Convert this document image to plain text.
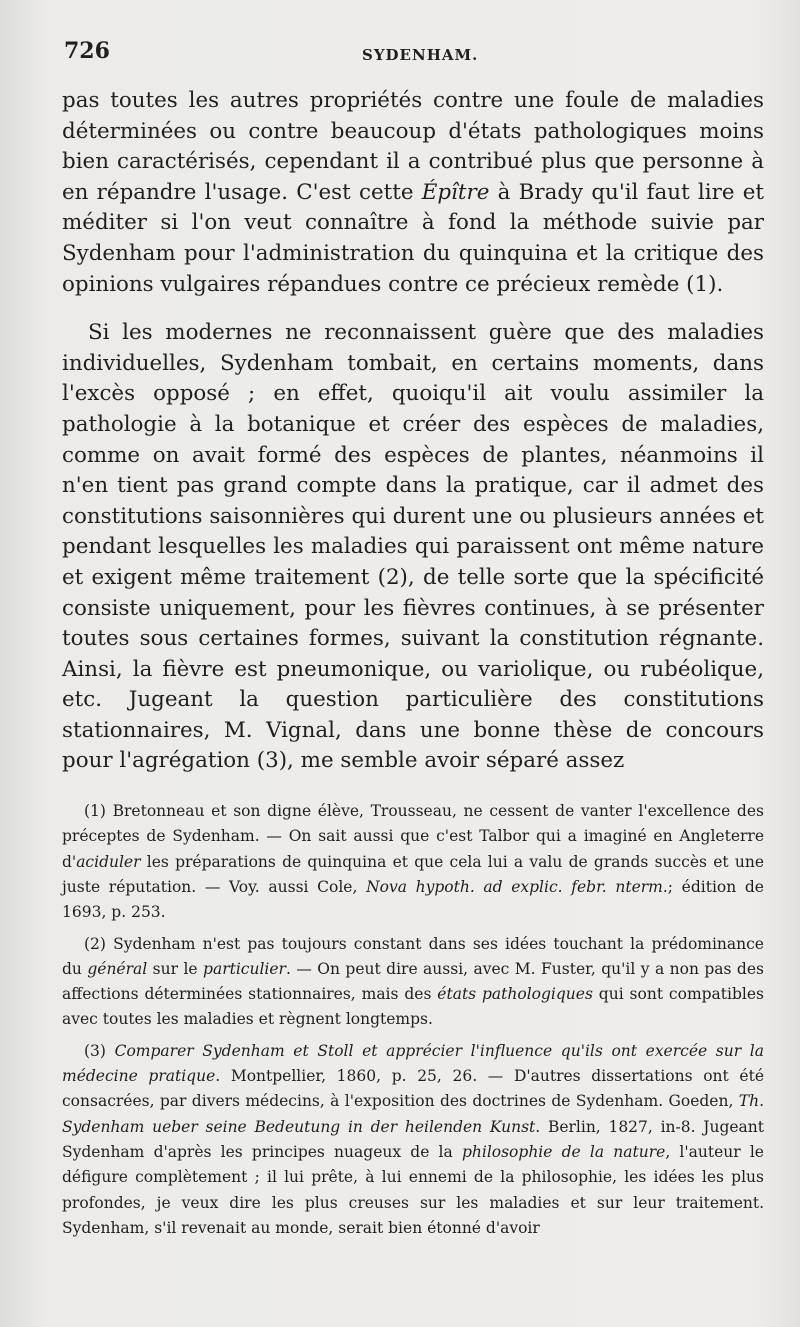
726	SYDENHAM.

pas toutes les autres propriétés contre une foule de maladies déterminées ou contre beaucoup d'états pathologiques moins bien caractérisés, cependant il a contribué plus que personne à en répandre l'usage. C'est cette Épître à Brady qu'il faut lire et méditer si l'on veut connaître à fond la méthode suivie par Sydenham pour l'administration du quinquina et la critique des opinions vulgaires répandues contre ce précieux remède (1).

Si les modernes ne reconnaissent guère que des maladies individuelles, Sydenham tombait, en certains moments, dans l'excès opposé ; en effet, quoiqu'il ait voulu assimiler la pathologie à la botanique et créer des espèces de maladies, comme on avait formé des espèces de plantes, néanmoins il n'en tient pas grand compte dans la pratique, car il admet des constitutions saisonnières qui durent une ou plusieurs années et pendant lesquelles les maladies qui paraissent ont même nature et exigent même traitement (2), de telle sorte que la spécificité consiste uniquement, pour les fièvres continues, à se présenter toutes sous certaines formes, suivant la constitution régnante. Ainsi, la fièvre est pneumonique, ou variolique, ou rubéolique, etc. Jugeant la question particulière des constitutions stationnaires, M. Vignal, dans une bonne thèse de concours pour l'agrégation (3), me semble avoir séparé assez

(1) Bretonneau et son digne élève, Trousseau, ne cessent de vanter l'excellence des préceptes de Sydenham. — On sait aussi que c'est Talbor qui a imaginé en Angleterre d'aciduler les préparations de quinquina et que cela lui a valu de grands succès et une juste réputation. — Voy. aussi Cole, Nova hypoth. ad explic. febr. nterm.; édition de 1693, p. 253.

(2) Sydenham n'est pas toujours constant dans ses idées touchant la prédominance du général sur le particulier. — On peut dire aussi, avec M. Fuster, qu'il y a non pas des affections déterminées stationnaires, mais des états pathologiques qui sont compatibles avec toutes les maladies et règnent longtemps.

(3) Comparer Sydenham et Stoll et apprécier l'influence qu'ils ont exercée sur la médecine pratique. Montpellier, 1860, p. 25, 26. — D'autres dissertations ont été consacrées, par divers médecins, à l'exposition des doctrines de Sydenham. Goeden, Th. Sydenham ueber seine Bedeutung in der heilenden Kunst. Berlin, 1827, in-8. Jugeant Sydenham d'après les principes nuageux de la philosophie de la nature, l'auteur le défigure complètement ; il lui prête, à lui ennemi de la philosophie, les idées les plus profondes, je veux dire les plus creuses sur les maladies et sur leur traitement. Sydenham, s'il revenait au monde, serait bien étonné d'avoir
